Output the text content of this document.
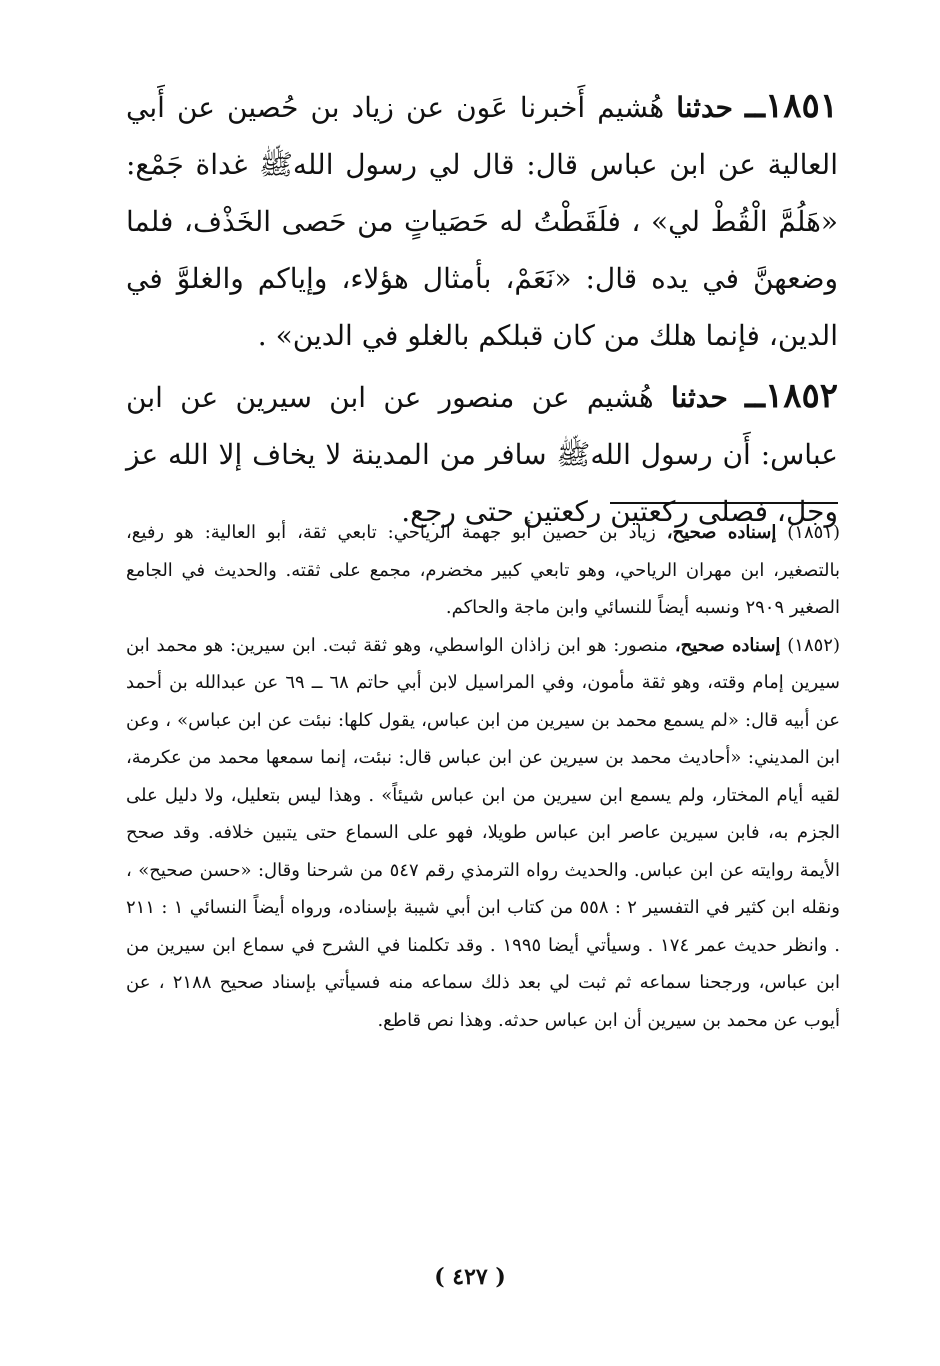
١٨٥١ــ حدثنا هُشيم أَخبرنا عَون عن زياد بن حُصين عن أَبي العالية عن ابن عباس قال: قال لي رسول اللهﷺ غداة جَمْع: «هَلُمَّ الْقُطْ لي» ، فلَقَطْتُ له حَصَياتٍ من حَصى الخَذْف، فلما وضعهنَّ في يده قال: «نَعَمْ، بأمثال هؤلاء، وإياكم والغلوَّ في الدين، فإنما هلك من كان قبلكم بالغلو في الدين» .

١٨٥٢ــ حدثنا هُشيم عن منصور عن ابن سيرين عن ابن عباس: أَن رسول اللهﷺ سافر من المدينة لا يخاف إلا الله عز وجل، فصلى ركعتين ركعتين حتى رجع.

(١٨٥١) إسناده صحيح، زياد بن حصين أبو جهمة الرياحي: تابعي ثقة، أبو العالية: هو رفيع، بالتصغير، ابن مهران الرياحي، وهو تابعي كبير مخضرم، مجمع على ثقته. والحديث في الجامع الصغير ٢٩٠٩ ونسبه أيضاً للنسائي وابن ماجة والحاكم.

(١٨٥٢) إسناده صحيح، منصور: هو ابن زاذان الواسطي، وهو ثقة ثبت. ابن سيرين: هو محمد ابن سيرين إمام وقته، وهو ثقة مأمون، وفي المراسيل لابن أبي حاتم ٦٨ ــ ٦٩ عن عبدالله بن أحمد عن أبيه قال: «لم يسمع محمد بن سيرين من ابن عباس، يقول كلها: نبئت عن ابن عباس» ، وعن ابن المديني: «أحاديث محمد بن سيرين عن ابن عباس قال: نبئت، إنما سمعها محمد من عكرمة، لقيه أيام المختار، ولم يسمع ابن سيرين من ابن عباس شيئاً» . وهذا ليس بتعليل، ولا دليل على الجزم به، فابن سيرين عاصر ابن عباس طويلا، فهو على السماع حتى يتبين خلافه. وقد صحح الأيمة روايته عن ابن عباس. والحديث رواه الترمذي رقم ٥٤٧ من شرحنا وقال: «حسن صحيح» ، ونقله ابن كثير في التفسير ٢ : ٥٥٨ من كتاب ابن أبي شيبة بإسناده، ورواه أيضاً النسائي ١ : ٢١١ . وانظر حديث عمر ١٧٤ . وسيأتي أيضا ١٩٩٥ . وقد تكلمنا في الشرح في سماع ابن سيرين من ابن عباس، ورجحنا سماعه ثم ثبت لي بعد ذلك سماعه منه فسيأتي بإسناد صحيح ٢١٨٨ ، عن أيوب عن محمد بن سيرين أن ابن عباس حدثه. وهذا نص قاطع.

( ٤٢٧ )
